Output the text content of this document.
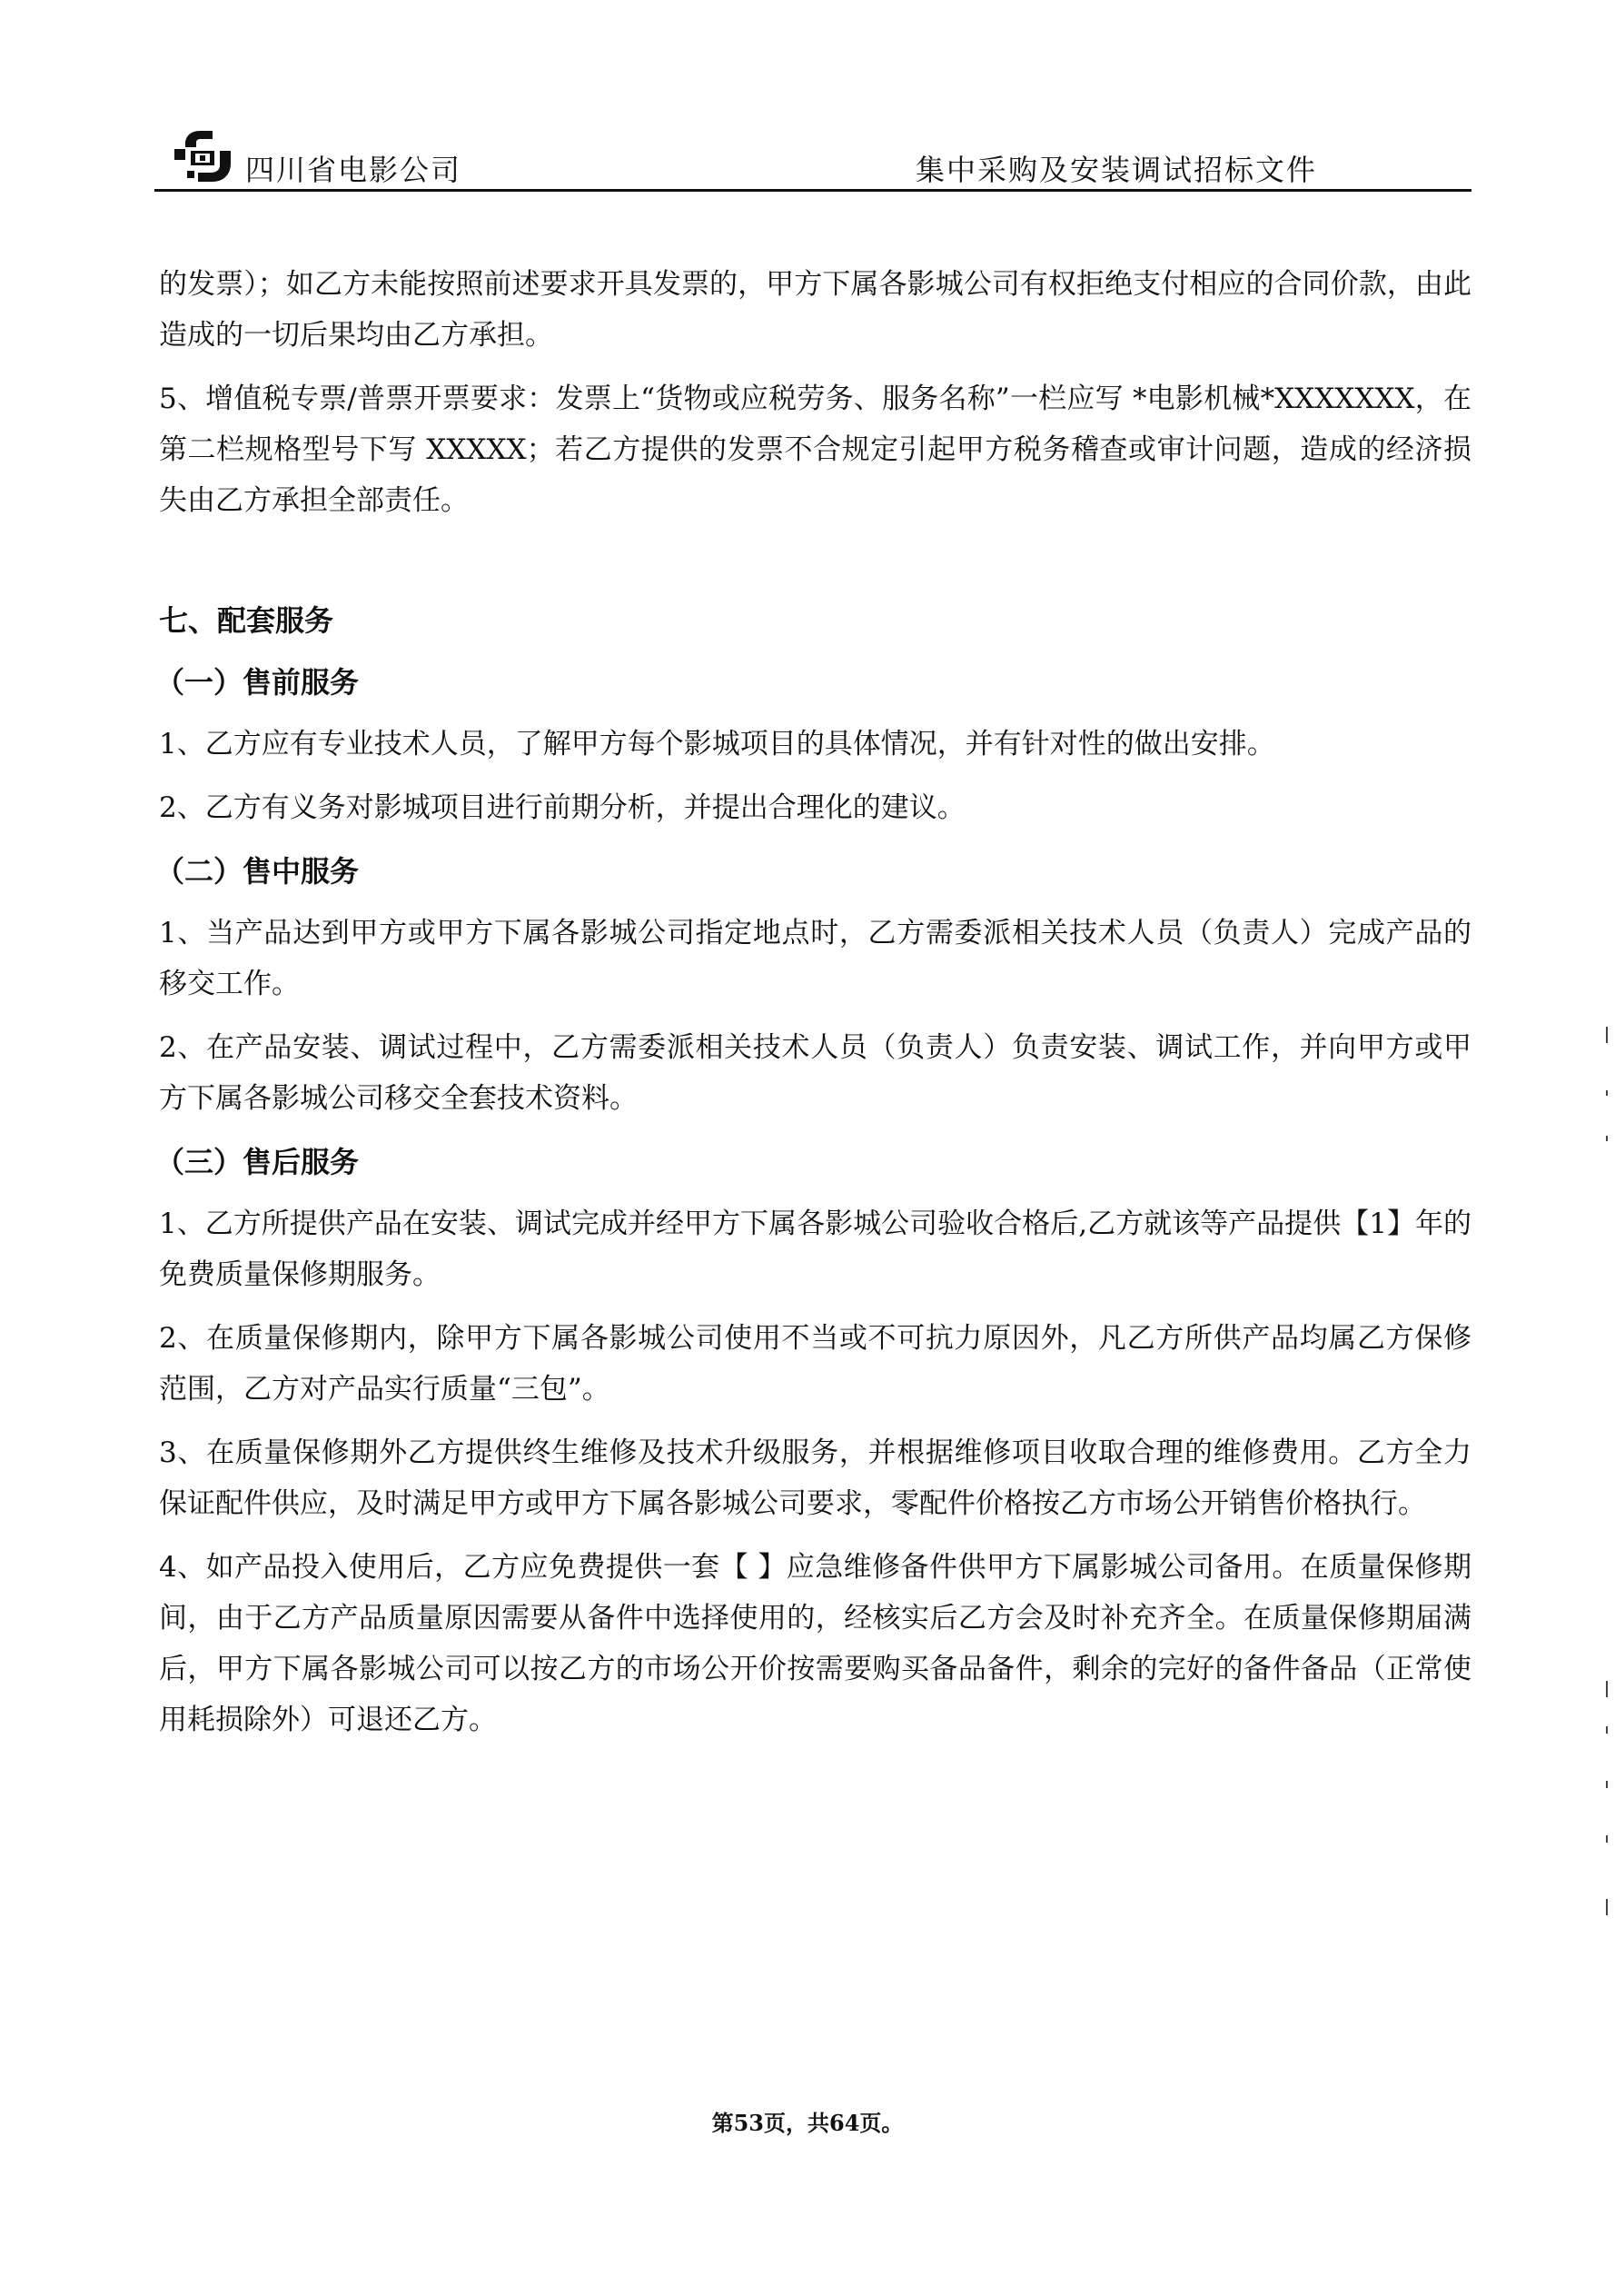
四川省电影公司	集中采购及安装调试招标文件

的发票）；如乙方未能按照前述要求开具发票的，甲方下属各影城公司有权拒绝支付相应的合同价款，由此造成的一切后果均由乙方承担。

5、增值税专票/普票开票要求：发票上“货物或应税劳务、服务名称”一栏应写 *电影机械*XXXXXXX，在第二栏规格型号下写 XXXXX；若乙方提供的发票不合规定引起甲方税务稽查或审计问题，造成的经济损失由乙方承担全部责任。

七、配套服务
（一）售前服务

1、乙方应有专业技术人员，了解甲方每个影城项目的具体情况，并有针对性的做出安排。

2、乙方有义务对影城项目进行前期分析，并提出合理化的建议。

（二）售中服务

1、当产品达到甲方或甲方下属各影城公司指定地点时，乙方需委派相关技术人员（负责人）完成产品的移交工作。

2、在产品安装、调试过程中，乙方需委派相关技术人员（负责人）负责安装、调试工作，并向甲方或甲方下属各影城公司移交全套技术资料。

（三）售后服务

1、乙方所提供产品在安装、调试完成并经甲方下属各影城公司验收合格后,乙方就该等产品提供【1】年的免费质量保修期服务。

2、在质量保修期内，除甲方下属各影城公司使用不当或不可抗力原因外，凡乙方所供产品均属乙方保修范围，乙方对产品实行质量“三包”。

3、在质量保修期外乙方提供终生维修及技术升级服务，并根据维修项目收取合理的维修费用。乙方全力保证配件供应，及时满足甲方或甲方下属各影城公司要求，零配件价格按乙方市场公开销售价格执行。

4、如产品投入使用后，乙方应免费提供一套【 】应急维修备件供甲方下属影城公司备用。在质量保修期间，由于乙方产品质量原因需要从备件中选择使用的，经核实后乙方会及时补充齐全。在质量保修期届满后，甲方下属各影城公司可以按乙方的市场公开价按需要购买备品备件，剩余的完好的备件备品（正常使用耗损除外）可退还乙方。

第53页，共64页。
